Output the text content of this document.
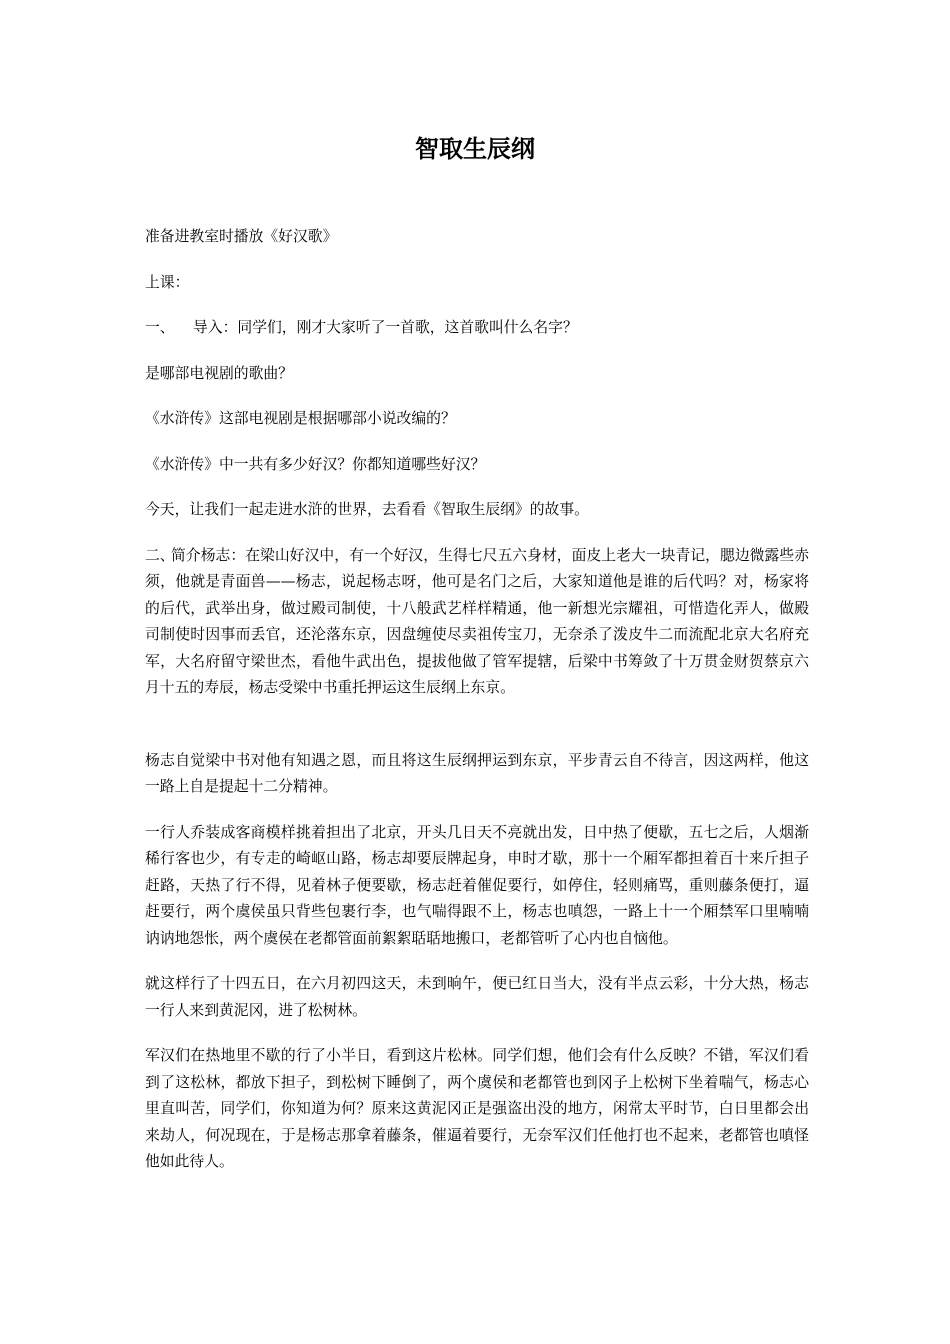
智取生辰纲

准备进教室时播放《好汉歌》

上课：

一、 导入：同学们，刚才大家听了一首歌，这首歌叫什么名字？

是哪部电视剧的歌曲？

《水浒传》这部电视剧是根据哪部小说改编的？

《水浒传》中一共有多少好汉？你都知道哪些好汉？

今天，让我们一起走进水浒的世界，去看看《智取生辰纲》的故事。

二、简介杨志：在梁山好汉中，有一个好汉，生得七尺五六身材，面皮上老大一块青记，腮边微露些赤须，他就是青面兽——杨志，说起杨志呀，他可是名门之后，大家知道他是谁的后代吗？对，杨家将的后代，武举出身，做过殿司制使，十八般武艺样样精通，他一新想光宗耀祖，可惜造化弄人，做殿司制使时因事而丢官，还沦落东京，因盘缠使尽卖祖传宝刀，无奈杀了泼皮牛二而流配北京大名府充军，大名府留守梁世杰，看他牛武出色，提拔他做了管军提辖，后梁中书筹敛了十万贯金财贺蔡京六月十五的寿辰，杨志受梁中书重托押运这生辰纲上东京。

杨志自觉梁中书对他有知遇之恩，而且将这生辰纲押运到东京，平步青云自不待言，因这两样，他这一路上自是提起十二分精神。

一行人乔装成客商模样挑着担出了北京，开头几日天不亮就出发，日中热了便歇，五七之后，人烟渐稀行客也少，有专走的崎岖山路，杨志却要辰牌起身，申时才歇，那十一个厢军都担着百十来斤担子赶路，天热了行不得，见着林子便要歇，杨志赶着催促要行，如停住，轻则痛骂，重则藤条便打，逼赶要行，两个虞侯虽只背些包裹行李，也气喘得跟不上，杨志也嗔怨，一路上十一个厢禁军口里喃喃讷讷地怨怅，两个虞侯在老都管面前絮絮聒聒地搬口，老都管听了心内也自恼他。

就这样行了十四五日，在六月初四这天，未到晌午，便已红日当大，没有半点云彩，十分大热，杨志一行人来到黄泥冈，进了松树林。

军汉们在热地里不歇的行了小半日，看到这片松林。同学们想，他们会有什么反映？不错，军汉们看到了这松林，都放下担子，到松树下睡倒了，两个虞侯和老都管也到冈子上松树下坐着喘气，杨志心里直叫苦，同学们，你知道为何？原来这黄泥冈正是强盗出没的地方，闲常太平时节，白日里都会出来劫人，何况现在，于是杨志那拿着藤条，催逼着要行，无奈军汉们任他打也不起来，老都管也嗔怪他如此待人。
